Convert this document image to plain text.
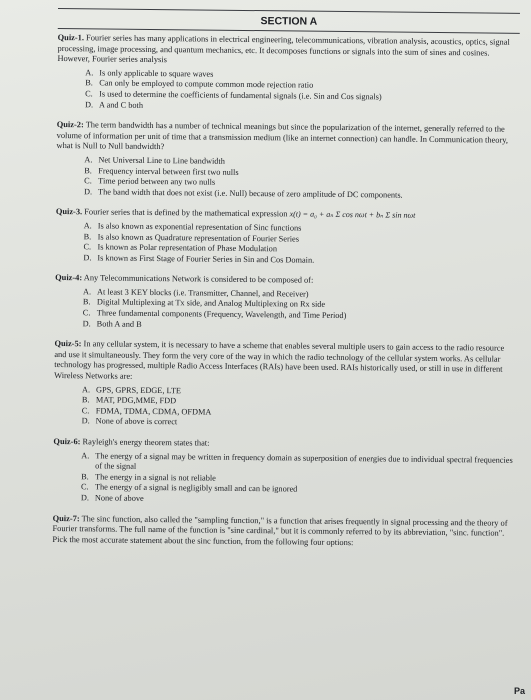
SECTION A
Quiz-1. Fourier series has many applications in electrical engineering, telecommunications, vibration analysis, acoustics, optics, signal processing, image processing, and quantum mechanics, etc. It decomposes functions or signals into the sum of sines and cosines. However, Fourier series analysis
A. Is only applicable to square waves
B. Can only be employed to compute common mode rejection ratio
C. Is used to determine the coefficients of fundamental signals (i.e. Sin and Cos signals)
D. A and C both
Quiz-2: The term bandwidth has a number of technical meanings but since the popularization of the internet, generally referred to the volume of information per unit of time that a transmission medium (like an internet connection) can handle. In Communication theory, what is Null to Null bandwidth?
A. Net Universal Line to Line bandwidth
B. Frequency interval between first two nulls
C. Time period between any two nulls
D. The band width that does not exist (i.e. Null) because of zero amplitude of DC components.
Quiz-3. Fourier series that is defined by the mathematical expression x(t) = a₀ + aₙ Σ cos nωt + bₙ Σ sin nωt
A. Is also known as exponential representation of Sinc functions
B. Is also known as Quadrature representation of Fourier Series
C. Is known as Polar representation of Phase Modulation
D. Is known as First Stage of Fourier Series in Sin and Cos Domain.
Quiz-4: Any Telecommunications Network is considered to be composed of:
A. At least 3 KEY blocks (i.e. Transmitter, Channel, and Receiver)
B. Digital Multiplexing at Tx side, and Analog Multiplexing on Rx side
C. Three fundamental components (Frequency, Wavelength, and Time Period)
D. Both A and B
Quiz-5: In any cellular system, it is necessary to have a scheme that enables several multiple users to gain access to the radio resource and use it simultaneously. They form the very core of the way in which the radio technology of the cellular system works. As cellular technology has progressed, multiple Radio Access Interfaces (RAIs) have been used. RAIs historically used, or still in use in different Wireless Networks are:
A. GPS, GPRS, EDGE, LTE
B. MAT, PDG,MME, FDD
C. FDMA, TDMA, CDMA, OFDMA
D. None of above is correct
Quiz-6: Rayleigh's energy theorem states that:
A. The energy of a signal may be written in frequency domain as superposition of energies due to individual spectral frequencies of the signal
B. The energy in a signal is not reliable
C. The energy of a signal is negligibly small and can be ignored
D. None of above
Quiz-7: The sinc function, also called the "sampling function," is a function that arises frequently in signal processing and the theory of Fourier transforms. The full name of the function is "sine cardinal," but it is commonly referred to by its abbreviation, "sinc. function". Pick the most accurate statement about the sinc function, from the following four options:
Pa
